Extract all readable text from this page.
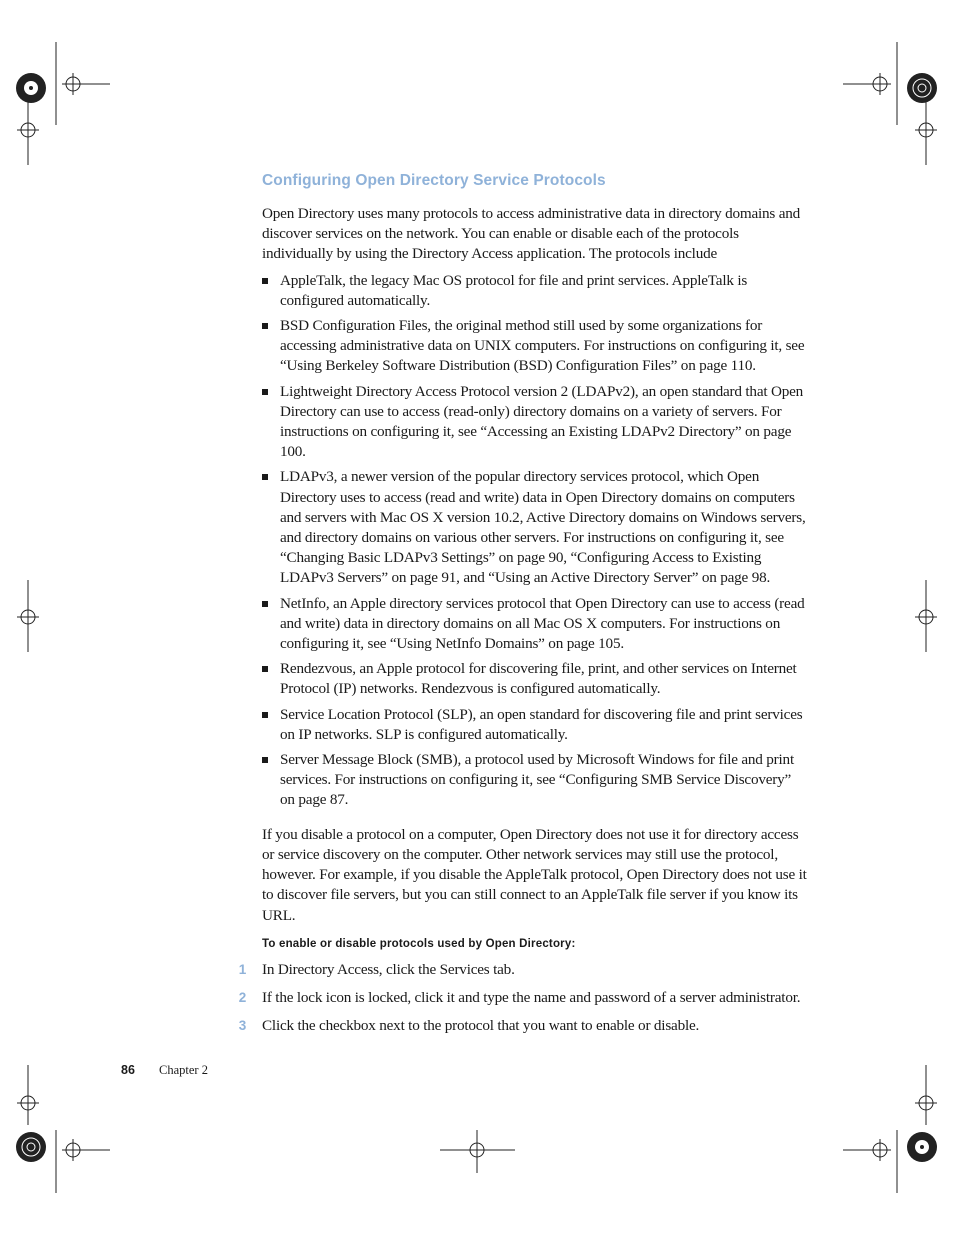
Configuring Open Directory Service Protocols

Open Directory uses many protocols to access administrative data in directory domains and discover services on the network. You can enable or disable each of the protocols individually by using the Directory Access application. The protocols include

AppleTalk, the legacy Mac OS protocol for file and print services. AppleTalk is configured automatically.
BSD Configuration Files, the original method still used by some organizations for accessing administrative data on UNIX computers. For instructions on configuring it, see “Using Berkeley Software Distribution (BSD) Configuration Files” on page 110.
Lightweight Directory Access Protocol version 2 (LDAPv2), an open standard that Open Directory can use to access (read-only) directory domains on a variety of servers. For instructions on configuring it, see “Accessing an Existing LDAPv2 Directory” on page 100.
LDAPv3, a newer version of the popular directory services protocol, which Open Directory uses to access (read and write) data in Open Directory domains on computers and servers with Mac OS X version 10.2, Active Directory domains on Windows servers, and directory domains on various other servers. For instructions on configuring it, see “Changing Basic LDAPv3 Settings” on page 90, “Configuring Access to Existing LDAPv3 Servers” on page 91, and “Using an Active Directory Server” on page 98.
NetInfo, an Apple directory services protocol that Open Directory can use to access (read and write) data in directory domains on all Mac OS X computers. For instructions on configuring it, see “Using NetInfo Domains” on page 105.
Rendezvous, an Apple protocol for discovering file, print, and other services on Internet Protocol (IP) networks. Rendezvous is configured automatically.
Service Location Protocol (SLP), an open standard for discovering file and print services on IP networks. SLP is configured automatically.
Server Message Block (SMB), a protocol used by Microsoft Windows for file and print services. For instructions on configuring it, see “Configuring SMB Service Discovery” on page 87.

If you disable a protocol on a computer, Open Directory does not use it for directory access or service discovery on the computer. Other network services may still use the protocol, however. For example, if you disable the AppleTalk protocol, Open Directory does not use it to discover file servers, but you can still connect to an AppleTalk file server if you know its URL.

To enable or disable protocols used by Open Directory:
1 In Directory Access, click the Services tab.
2 If the lock icon is locked, click it and type the name and password of a server administrator.
3 Click the checkbox next to the protocol that you want to enable or disable.
86 Chapter 2
